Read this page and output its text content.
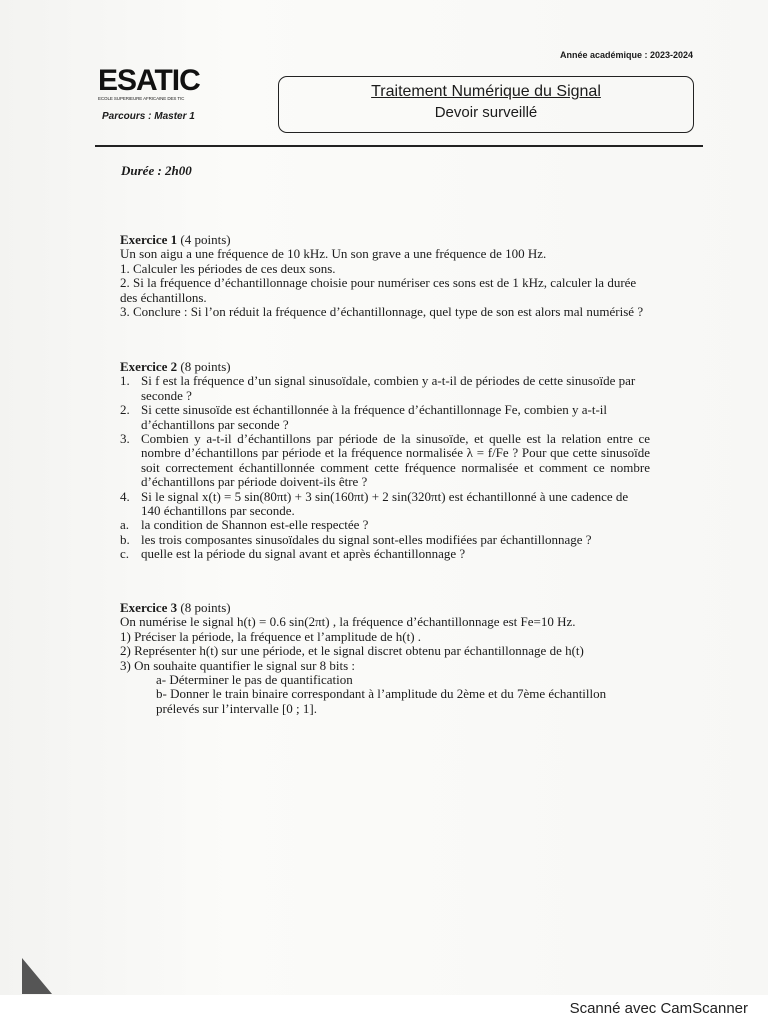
Année académique : 2023-2024
ESATIC
ECOLE SUPERIEURE AFRICAINE DES TIC
Parcours : Master 1
Traitement Numérique du Signal
Devoir surveillé
Durée : 2h00

Exercice 1 (4 points)

Un son aigu a une fréquence de 10 kHz. Un son grave a une fréquence de 100 Hz.

1. Calculer les périodes de ces deux sons.

2. Si la fréquence d’échantillonnage choisie pour numériser ces sons est de 1 kHz, calculer la durée des échantillons.

3. Conclure : Si l’on réduit la fréquence d’échantillonnage, quel type de son est alors mal numérisé ?

Exercice 2 (8 points)

1. Si f est la fréquence d’un signal sinusoïdale, combien y a-t-il de périodes de cette sinusoïde par seconde ?

2. Si cette sinusoïde est échantillonnée à la fréquence d’échantillonnage Fe, combien y a-t-il d’échantillons par seconde ?

3. Combien y a-t-il d’échantillons par période de la sinusoïde, et quelle est la relation entre ce nombre d’échantillons par période et la fréquence normalisée λ = f/Fe ? Pour que cette sinusoïde soit correctement échantillonnée comment cette fréquence normalisée et comment ce nombre d’échantillons par période doivent-ils être ?

4. Si le signal x(t) = 5 sin(80πt) + 3 sin(160πt) + 2 sin(320πt) est échantillonné à une cadence de 140 échantillons par seconde.

a. la condition de Shannon est-elle respectée ?

b. les trois composantes sinusoïdales du signal sont-elles modifiées par échantillonnage ?

c. quelle est la période du signal avant et après échantillonnage ?

Exercice 3 (8 points)

On numérise le signal h(t) = 0.6 sin(2πt) , la fréquence d’échantillonnage est Fe=10 Hz.

1) Préciser la période, la fréquence et l’amplitude de h(t) .

2) Représenter h(t) sur une période, et le signal discret obtenu par échantillonnage de h(t)

3) On souhaite quantifier le signal sur 8 bits :

a- Déterminer le pas de quantification

b- Donner le train binaire correspondant à l’amplitude du 2ème et du 7ème échantillon prélevés sur l’intervalle [0 ; 1].

Scanné avec CamScanner
